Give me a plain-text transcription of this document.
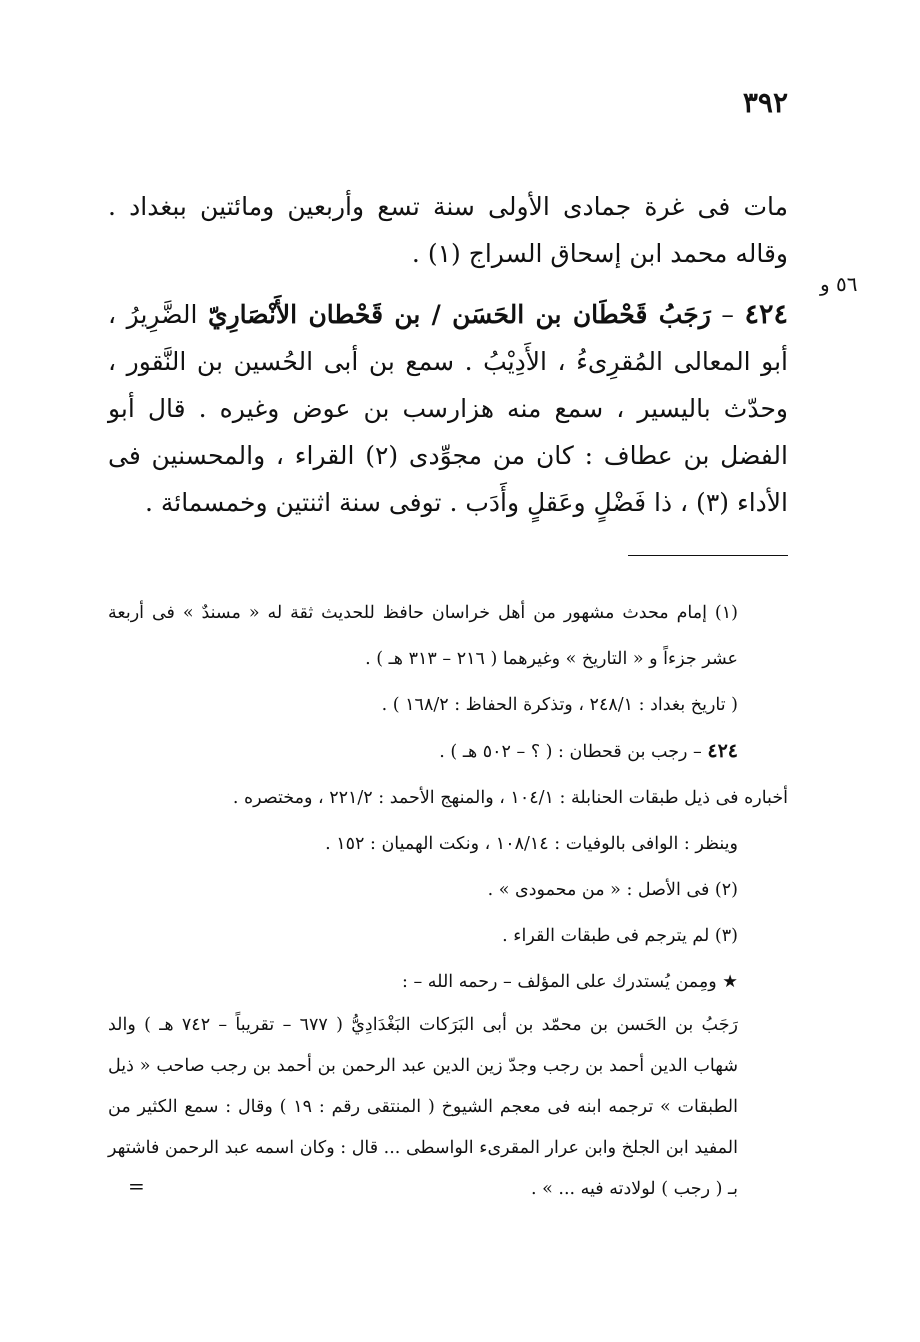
٣٩٢
٥٦ و

مات فى غرة جمادى الأولى سنة تسع وأربعين ومائتين ببغداد . وقاله محمد ابن إسحاق السراج (١) .

٤٢٤ – رَجَبُ قَحْطَان بن الحَسَن / بن قَحْطان الأَنْصَارِيّ الضَّرِيرُ ، أبو المعالى المُقرِىءُ ، الأَدِيْبُ . سمع بن أبى الحُسين بن النَّقور ، وحدّث باليسير ، سمع منه هزارسب بن عوض وغيره . قال أبو الفضل بن عطاف : كان من مجوِّدى (٢) القراء ، والمحسنين فى الأداء (٣) ، ذا فَضْلٍ وعَقلٍ وأَدَب . توفى سنة اثنتين وخمسمائة .

(١) إمام محدث مشهور من أهل خراسان حافظ للحديث ثقة له « مسندٌ » فى أربعة عشر جزءاً و « التاريخ » وغيرهما ( ٢١٦ – ٣١٣ هـ ) .

( تاريخ بغداد : ٢٤٨/١ ، وتذكرة الحفاظ : ١٦٨/٢ ) .

٤٢٤ – رجب بن قحطان : ( ؟ – ٥٠٢ هـ ) .

أخباره فى ذيل طبقات الحنابلة : ١٠٤/١ ، والمنهج الأحمد : ٢٢١/٢ ، ومختصره .

وينظر : الوافى بالوفيات : ١٠٨/١٤ ، ونكت الهميان : ١٥٢ .

(٢) فى الأصل : « من محمودى » .

(٣) لم يترجم فى طبقات القراء .

★ ومِمن يُستدرك على المؤلف – رحمه الله – :

رَجَبُ بن الحَسن بن محمّد بن أبى البَرَكات البَغْدَادِيُّ ( ٦٧٧ – تقريباً – ٧٤٢ هـ ) والد شهاب الدين أحمد بن رجب وجدّ زين الدين عبد الرحمن بن أحمد بن رجب صاحب « ذيل الطبقات » ترجمه ابنه فى معجم الشيوخ ( المنتقى رقم : ١٩ ) وقال : سمع الكثير من المفيد ابن الجلخ وابن عرار المقرىء الواسطى ... قال : وكان اسمه عبد الرحمن فاشتهر بـ ( رجب ) لولادته فيه ... » .

=
